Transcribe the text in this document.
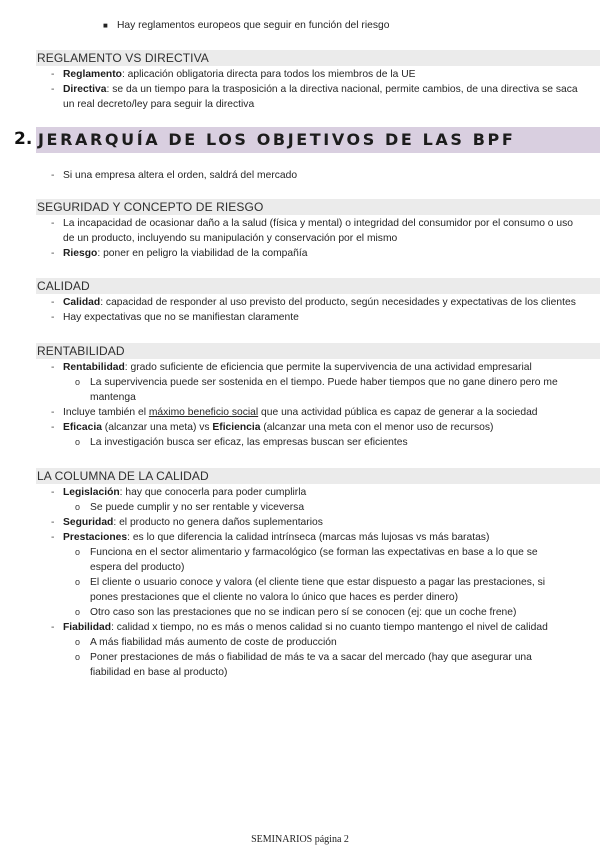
■ Hay reglamentos europeos que seguir en función del riesgo
REGLAMENTO VS DIRECTIVA
- Reglamento: aplicación obligatoria directa para todos los miembros de la UE
- Directiva: se da un tiempo para la trasposición a la directiva nacional, permite cambios, de una directiva se saca un real decreto/ley para seguir la directiva
2. JERARQUÍA DE LOS OBJETIVOS DE LAS BPF
- Si una empresa altera el orden, saldrá del mercado
SEGURIDAD Y CONCEPTO DE RIESGO
- La incapacidad de ocasionar daño a la salud (física y mental) o integridad del consumidor por el consumo o uso de un producto, incluyendo su manipulación y conservación por el mismo
- Riesgo: poner en peligro la viabilidad de la compañía
CALIDAD
- Calidad: capacidad de responder al uso previsto del producto, según necesidades y expectativas de los clientes
- Hay expectativas que no se manifiestan claramente
RENTABILIDAD
- Rentabilidad: grado suficiente de eficiencia que permite la supervivencia de una actividad empresarial
o La supervivencia puede ser sostenida en el tiempo. Puede haber tiempos que no gane dinero pero me mantenga
- Incluye también el máximo beneficio social que una actividad pública es capaz de generar a la sociedad
- Eficacia (alcanzar una meta) vs Eficiencia (alcanzar una meta con el menor uso de recursos)
o La investigación busca ser eficaz, las empresas buscan ser eficientes
LA COLUMNA DE LA CALIDAD
- Legislación: hay que conocerla para poder cumplirla
o Se puede cumplir y no ser rentable y viceversa
- Seguridad: el producto no genera daños suplementarios
- Prestaciones: es lo que diferencia la calidad intrínseca (marcas más lujosas vs más baratas)
o Funciona en el sector alimentario y farmacológico (se forman las expectativas en base a lo que se espera del producto)
o El cliente o usuario conoce y valora (el cliente tiene que estar dispuesto a pagar las prestaciones, si pones prestaciones que el cliente no valora lo único que haces es perder dinero)
o Otro caso son las prestaciones que no se indican pero sí se conocen (ej: que un coche frene)
- Fiabilidad: calidad x tiempo, no es más o menos calidad si no cuanto tiempo mantengo el nivel de calidad
o A más fiabilidad más aumento de coste de producción
o Poner prestaciones de más o fiabilidad de más te va a sacar del mercado (hay que asegurar una fiabilidad en base al producto)
SEMINARIOS página 2
